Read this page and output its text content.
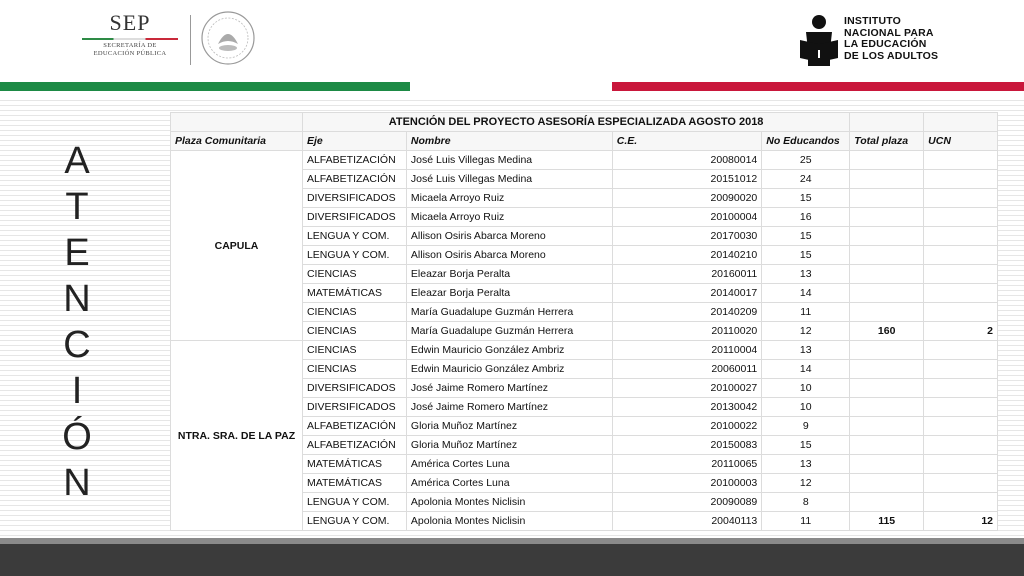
SEP
SECRETARÍA DE
EDUCACIÓN PÚBLICA
INSTITUTO
NACIONAL PARA
LA EDUCACIÓN
DE LOS ADULTOS
A
T
E
N
C
I
Ó
N
	ATENCIÓN DEL PROYECTO ASESORÍA ESPECIALIZADA AGOSTO 2018					
Plaza Comunitaria	Eje	Nombre	C.E.	No Educandos	Total plaza	UCN
CAPULA	ALFABETIZACIÓN	José Luis Villegas Medina	20080014	25		
	ALFABETIZACIÓN	José Luis Villegas Medina	20151012	24		
	DIVERSIFICADOS	Micaela Arroyo Ruiz	20090020	15		
	DIVERSIFICADOS	Micaela Arroyo Ruiz	20100004	16		
	LENGUA Y COM.	Allison Osiris Abarca Moreno	20170030	15		
	LENGUA Y COM.	Allison Osiris Abarca Moreno	20140210	15		
	CIENCIAS	Eleazar Borja Peralta	20160011	13		
	MATEMÁTICAS	Eleazar Borja Peralta	20140017	14		
	CIENCIAS	María Guadalupe Guzmán Herrera	20140209	11		
	CIENCIAS	María Guadalupe Guzmán Herrera	20110020	12	160	2
NTRA. SRA. DE LA PAZ	CIENCIAS	Edwin Mauricio González Ambriz	20110004	13		
	CIENCIAS	Edwin Mauricio González Ambriz	20060011	14		
	DIVERSIFICADOS	José Jaime Romero Martínez	20100027	10		
	DIVERSIFICADOS	José Jaime Romero Martínez	20130042	10		
	ALFABETIZACIÓN	Gloria Muñoz Martínez	20100022	9		
	ALFABETIZACIÓN	Gloria Muñoz Martínez	20150083	15		
	MATEMÁTICAS	América Cortes Luna	20110065	13		
	MATEMÁTICAS	América Cortes Luna	20100003	12		
	LENGUA Y COM.	Apolonia Montes Niclisin	20090089	8		
	LENGUA Y COM.	Apolonia Montes Niclisin	20040113	11	115	12
